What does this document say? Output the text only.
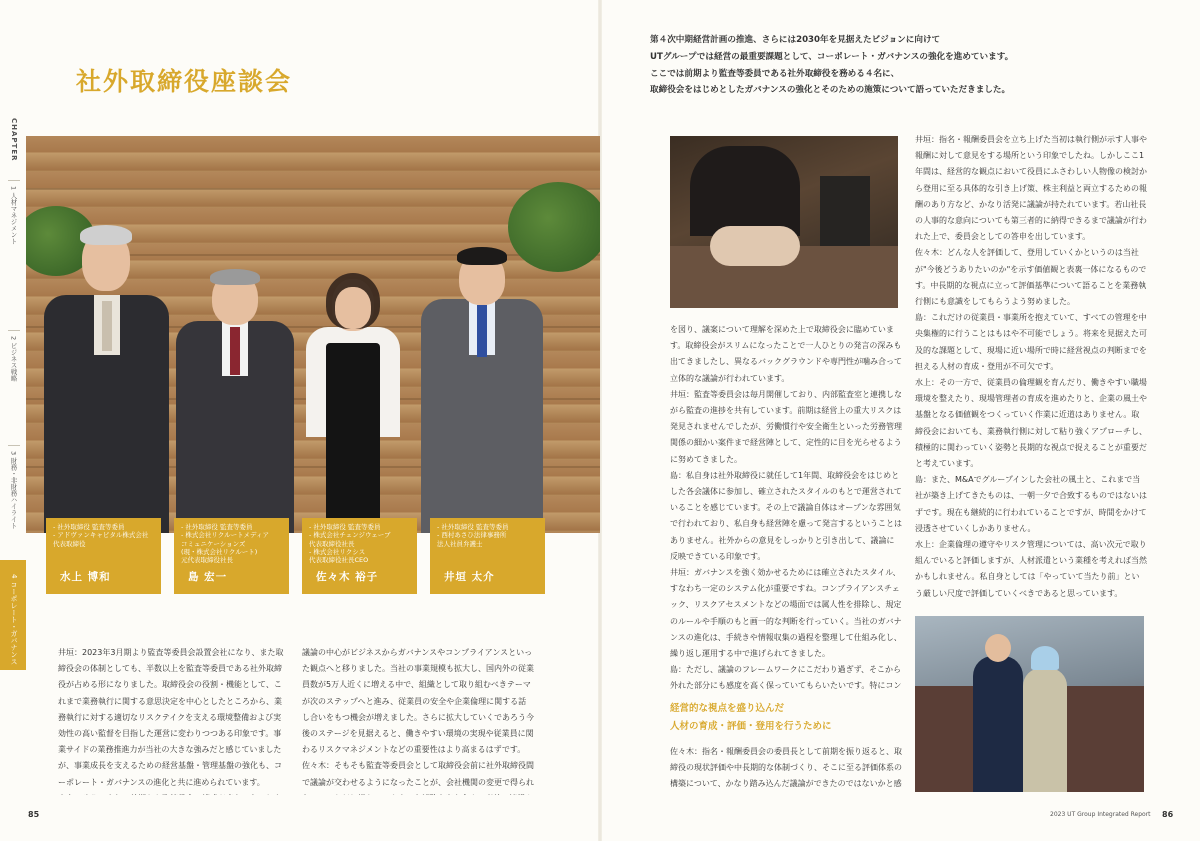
社外取締役座談会
CHAPTER
1 人材マネジメント
2 ビジネス戦略
3 財務・非財務ハイライト
4 コーポレート・ガバナンス
- 社外取締役 監査等委員
- アドヴァンキャピタル株式会社
代表取締役
水上 博和
- 社外取締役 監査等委員
- 株式会社リクルートメディア
コミュニケーションズ
(現・株式会社リクルート)
元代表取締役社長
島 宏一
- 社外取締役 監査等委員
- 株式会社チェンジウェーブ
代表取締役社長
- 株式会社リクシス
代表取締役社長CEO
佐々木 裕子
- 社外取締役 監査等委員
- 西村あさひ法律事務所
法人社員弁護士
井垣 太介
井垣：2023年3月期より監査等委員会設置会社になり、また取締役会の体制としても、半数以上を監査等委員である社外取締役が占める形になりました。取締役会の役割・機能として、これまで業務執行に関する意思決定を中心としたところから、業務執行に対する適切なリスクテイクを支える環境整備および実効性の高い監督を目指した運営に変わりつつある印象です。事業サイドの業務推進力が当社の大きな強みだと感じていましたが、事業成長を支えるための経営基盤・管理基盤の強化も、コーポレート・ガバナンスの進化と共に進められています。

議論の中心がビジネスからガバナンスやコンプライアンスといった観点へと移りました。当社の事業規模も拡大し、国内外の従業員数が5万人近くに増える中で、組織として取り組むべきテーマが次のステップへと進み、従業員の安全や企業倫理に関する話し合いをもつ機会が増えました。さらに拡大していくであろう今後のステージを見据えると、働きやすい環境の実現や従業員に関わるリスクマネジメントなどの重要性はより高まるはずです。
佐々木：そもそも監査等委員会として取締役会前に社外取締役間で議論が交わせるようになったことが、会社機関の変更で得られ
第４次中期経営計画の推進、さらには2030年を見据えたビジョンに向けて
UTグループでは経営の最重要課題として、コーポレート・ガバナンスの強化を進めています。
ここでは前期より監査等委員である社外取締役を務める４名に、
取締役会をはじめとしたガバナンスの強化とそのための施策について語っていただきました。
を図り、議案について理解を深めた上で取締役会に臨めています。取締役会がスリムになったことで一人ひとりの発言の深みも出てきましたし、異なるバックグラウンドや専門性が噛み合って立体的な議論が行われています。
井垣：監査等委員会は毎月開催しており、内部監査室と連携しながら監査の進捗を共有しています。前期は経営上の重大リスクは発見されませんでしたが、労働慣行や安全衛生といった労務管理関係の細かい案件まで経営陣として、定性的に目を光らせるように努めてきました。
島：私自身は社外取締役に就任して1年間、取締役会をはじめとした各会議体に参加し、確立されたスタイルのもとで運営されていることを感じています。その上で議論自体はオープンな雰囲気で行われており、私自身も経営陣を慮って発言するということはありません。社外からの意見をしっかりと引き出して、議論に反映できている印象です。
井垣：ガバナンスを強く効かせるためには確立されたスタイル、すなわち一定のシステム化が重要ですね。コンプライアンスチェック、リスクアセスメントなどの場面では属人性を排除し、規定のルールや手順のもと画一的な判断を行っていく。当社のガバナンスの進化は、手続きや情報収集の過程を整理して仕組み化し、繰り返し運用する中で進げられてきました。
島：ただし、議論のフレームワークにこだわり過ぎず、そこから外れた部分にも感度を高く保っていてもらいたいです。特にコン
経営的な視点を盛り込んだ
人材の育成・評価・登用を行うために
佐々木：指名・報酬委員会の委員長として前期を振り返ると、取締役の現状評価や中長期的な体制づくり、そこに至る評価体系の構築について、かなり踏み込んだ議論ができたのではないかと感
井垣：指名・報酬委員会を立ち上げた当初は執行側が示す人事や報酬に対して意見をする場所という印象でしたね。しかしここ1年間は、経営的な観点において役員にふさわしい人物像の検討から登用に至る具体的な引き上げ策、株主利益と両立するための報酬のあり方など、かなり活発に議論が持たれています。若山社長の人事的な意向についても第三者的に納得できるまで議論が行われた上で、委員会としての答申を出しています。
佐々木：どんな人を評価して、登用していくかというのは当社が"今後どうありたいのか"を示す価値観と表裏一体になるものです。中長期的な視点に立って評価基準について語ることを業務執行側にも意識をしてもらうよう努めました。
島：これだけの従業員・事業所を抱えていて、すべての管理を中央集権的に行うことはもはや不可能でしょう。将来を見据えた可及的な課題として、現場に近い場所で時に経営視点の判断までを担える人材の育成・登用が不可欠です。
水上：その一方で、従業員の倫理観を育んだり、働きやすい職場環境を整えたり、現場管理者の育成を進めたりと、企業の風土や基盤となる価値観をつくっていく作業に近道はありません。取締役会においても、業務執行側に対して粘り強くアプローチし、積極的に関わっていく姿勢と長期的な視点で捉えることが重要だと考えています。
島：また、M&Aでグループインした会社の風土と、これまで当社が築き上げてきたものは、一朝一夕で合致するものではないはずです。現在も継続的に行われていることですが、時間をかけて浸透させていくしかありません。
水上：企業倫理の遵守やリスク管理については、高い次元で取り組んでいると評価しますが、人材派遣という業種を考えれば当然かもしれません。私自身としては「やっていて当たり前」という厳しい尺度で評価していくべきであると思っています。

85	2023 UT Group Integrated Report 86
